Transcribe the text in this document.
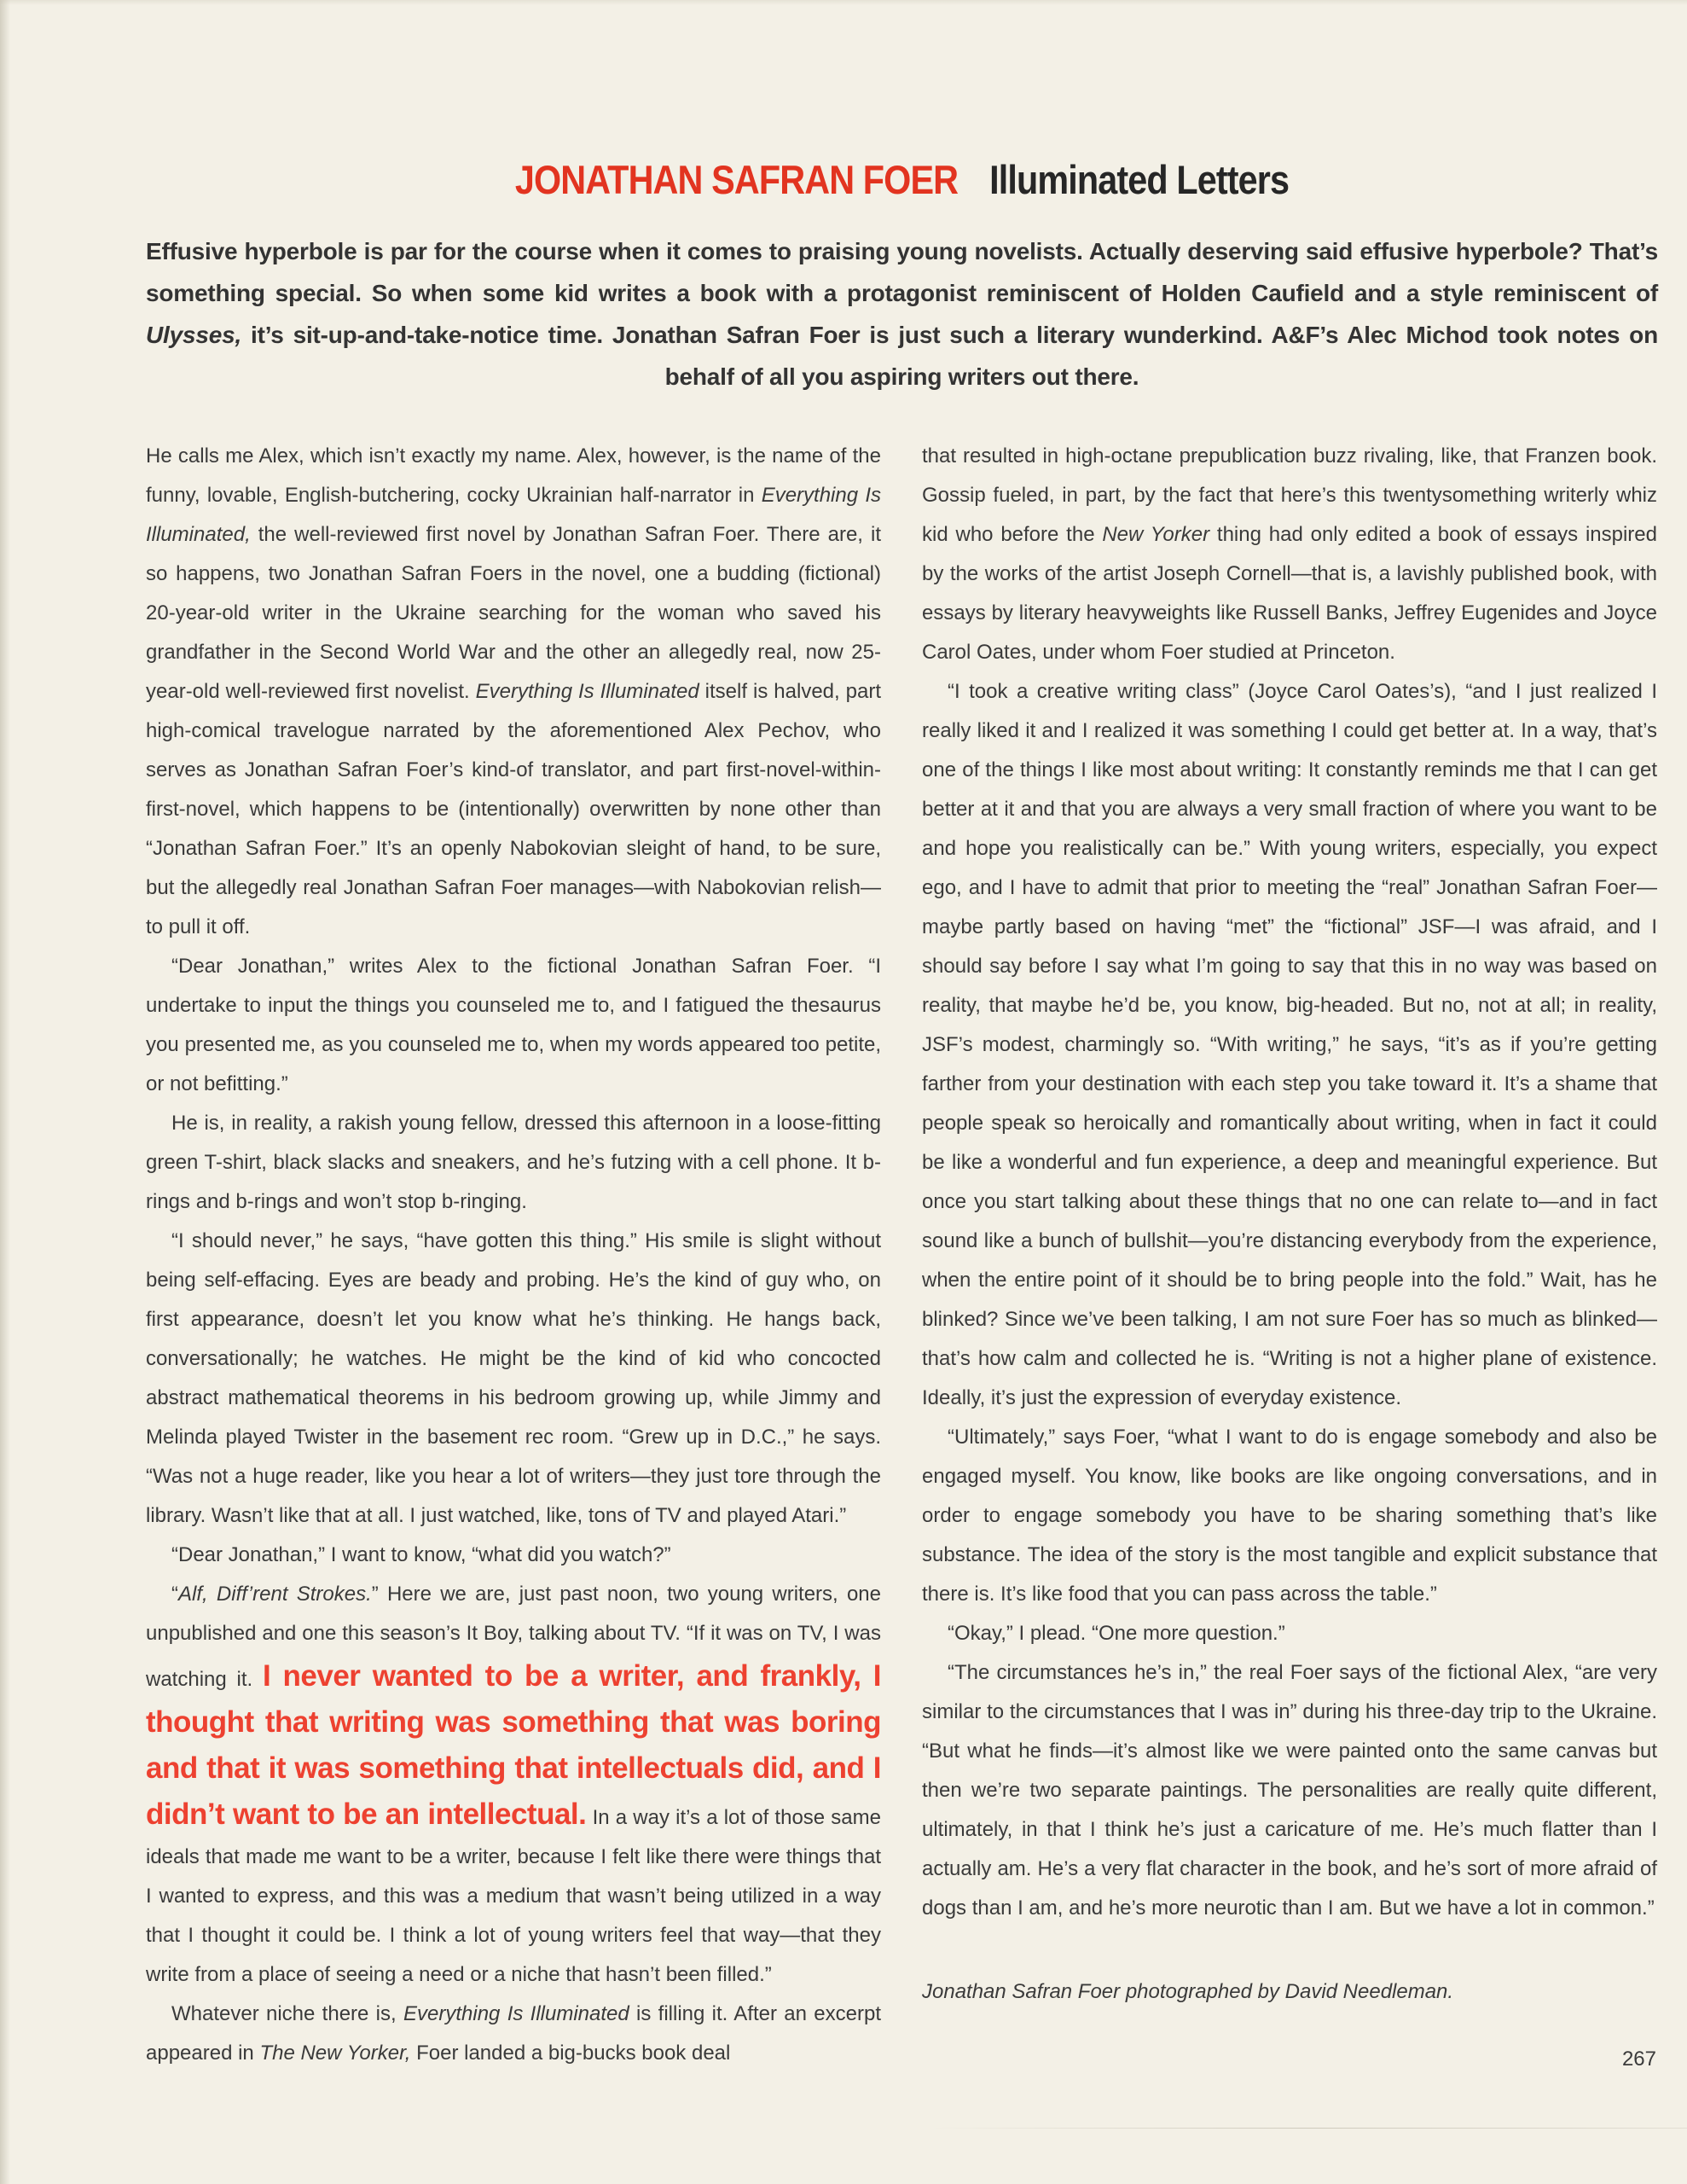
JONATHAN SAFRAN FOER Illuminated Letters
Effusive hyperbole is par for the course when it comes to praising young novelists. Actually deserving said effusive hyperbole? That’s something special. So when some kid writes a book with a protagonist reminiscent of Holden Caufield and a style reminiscent of Ulysses, it’s sit-up-and-take-notice time. Jonathan Safran Foer is just such a literary wunderkind. A&F’s Alec Michod took notes on behalf of all you aspiring writers out there.

He calls me Alex, which isn’t exactly my name. Alex, however, is the name of the funny, lovable, English-butchering, cocky Ukrainian half-narrator in Everything Is Illuminated, the well-reviewed first novel by Jonathan Safran Foer. There are, it so happens, two Jonathan Safran Foers in the novel, one a budding (fictional) 20-year-old writer in the Ukraine searching for the woman who saved his grandfather in the Second World War and the other an allegedly real, now 25-year-old well-reviewed first novelist. Everything Is Illuminated itself is halved, part high-comical travelogue narrated by the aforementioned Alex Pechov, who serves as Jonathan Safran Foer’s kind-of translator, and part first-novel-within-first-novel, which happens to be (intentionally) overwritten by none other than “Jonathan Safran Foer.” It’s an openly Nabokovian sleight of hand, to be sure, but the allegedly real Jonathan Safran Foer manages—with Nabokovian relish—to pull it off.

“Dear Jonathan,” writes Alex to the fictional Jonathan Safran Foer. “I undertake to input the things you counseled me to, and I fatigued the thesaurus you presented me, as you counseled me to, when my words appeared too petite, or not befitting.”

He is, in reality, a rakish young fellow, dressed this afternoon in a loose-fitting green T-shirt, black slacks and sneakers, and he’s futzing with a cell phone. It b-rings and b-rings and won’t stop b-ringing.

“I should never,” he says, “have gotten this thing.” His smile is slight without being self-effacing. Eyes are beady and probing. He’s the kind of guy who, on first appearance, doesn’t let you know what he’s thinking. He hangs back, conversationally; he watches. He might be the kind of kid who concocted abstract mathematical theorems in his bedroom growing up, while Jimmy and Melinda played Twister in the basement rec room. “Grew up in D.C.,” he says. “Was not a huge reader, like you hear a lot of writers—they just tore through the library. Wasn’t like that at all. I just watched, like, tons of TV and played Atari.”

“Dear Jonathan,” I want to know, “what did you watch?”

“Alf, Diff’rent Strokes.” Here we are, just past noon, two young writers, one unpublished and one this season’s It Boy, talking about TV. “If it was on TV, I was watching it. I never wanted to be a writer, and frankly, I thought that writing was something that was boring and that it was something that intellectuals did, and I didn’t want to be an intellectual. In a way it’s a lot of those same ideals that made me want to be a writer, because I felt like there were things that I wanted to express, and this was a medium that wasn’t being utilized in a way that I thought it could be. I think a lot of young writers feel that way—that they write from a place of seeing a need or a niche that hasn’t been filled.”

Whatever niche there is, Everything Is Illuminated is filling it. After an excerpt appeared in The New Yorker, Foer landed a big-bucks book deal

that resulted in high-octane prepublication buzz rivaling, like, that Franzen book. Gossip fueled, in part, by the fact that here’s this twentysomething writerly whiz kid who before the New Yorker thing had only edited a book of essays inspired by the works of the artist Joseph Cornell—that is, a lavishly published book, with essays by literary heavyweights like Russell Banks, Jeffrey Eugenides and Joyce Carol Oates, under whom Foer studied at Princeton.

“I took a creative writing class” (Joyce Carol Oates’s), “and I just realized I really liked it and I realized it was something I could get better at. In a way, that’s one of the things I like most about writing: It constantly reminds me that I can get better at it and that you are always a very small fraction of where you want to be and hope you realistically can be.” With young writers, especially, you expect ego, and I have to admit that prior to meeting the “real” Jonathan Safran Foer—maybe partly based on having “met” the “fictional” JSF—I was afraid, and I should say before I say what I’m going to say that this in no way was based on reality, that maybe he’d be, you know, big-headed. But no, not at all; in reality, JSF’s modest, charmingly so. “With writing,” he says, “it’s as if you’re getting farther from your destination with each step you take toward it. It’s a shame that people speak so heroically and romantically about writing, when in fact it could be like a wonderful and fun experience, a deep and meaningful experience. But once you start talking about these things that no one can relate to—and in fact sound like a bunch of bullshit—you’re distancing everybody from the experience, when the entire point of it should be to bring people into the fold.” Wait, has he blinked? Since we’ve been talking, I am not sure Foer has so much as blinked—that’s how calm and collected he is. “Writing is not a higher plane of existence. Ideally, it’s just the expression of everyday existence.

“Ultimately,” says Foer, “what I want to do is engage somebody and also be engaged myself. You know, like books are like ongoing conversations, and in order to engage somebody you have to be sharing something that’s like substance. The idea of the story is the most tangible and explicit substance that there is. It’s like food that you can pass across the table.”

“Okay,” I plead. “One more question.”

“The circumstances he’s in,” the real Foer says of the fictional Alex, “are very similar to the circumstances that I was in” during his three-day trip to the Ukraine. “But what he finds—it’s almost like we were painted onto the same canvas but then we’re two separate paintings. The personalities are really quite different, ultimately, in that I think he’s just a caricature of me. He’s much flatter than I actually am. He’s a very flat character in the book, and he’s sort of more afraid of dogs than I am, and he’s more neurotic than I am. But we have a lot in common.”

Jonathan Safran Foer photographed by David Needleman.
267
